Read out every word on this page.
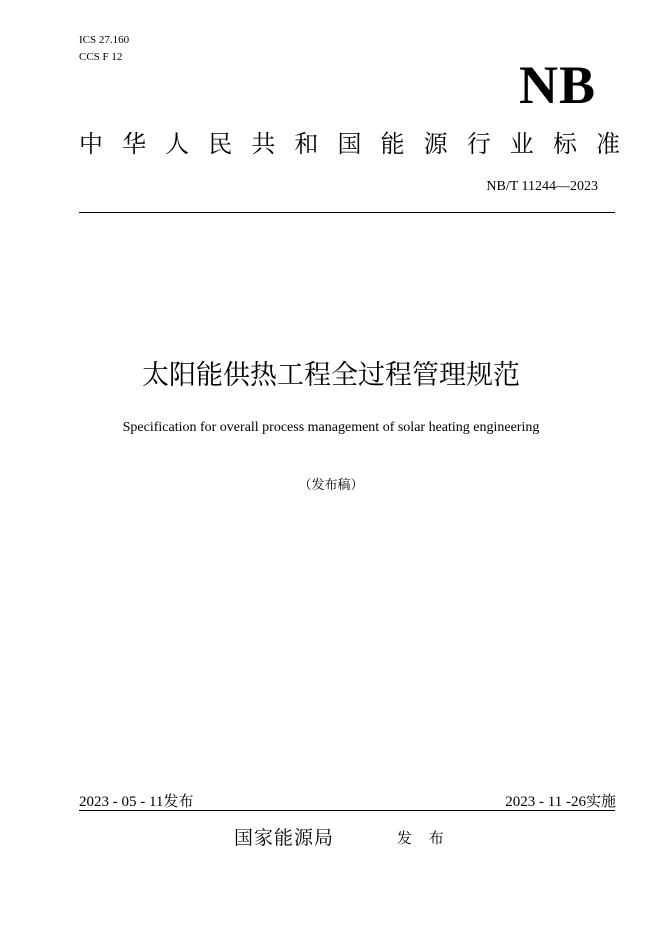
ICS 27.160
CCS F 12	NB
中 华 人 民 共 和 国 能 源 行 业 标 准
NB/T 11244—2023
太阳能供热工程全过程管理规范
Specification for overall process management of solar heating engineering
（发布稿）
2023 - 05 - 11发布	2023 - 11 -26实施
国家能源局	发 布
